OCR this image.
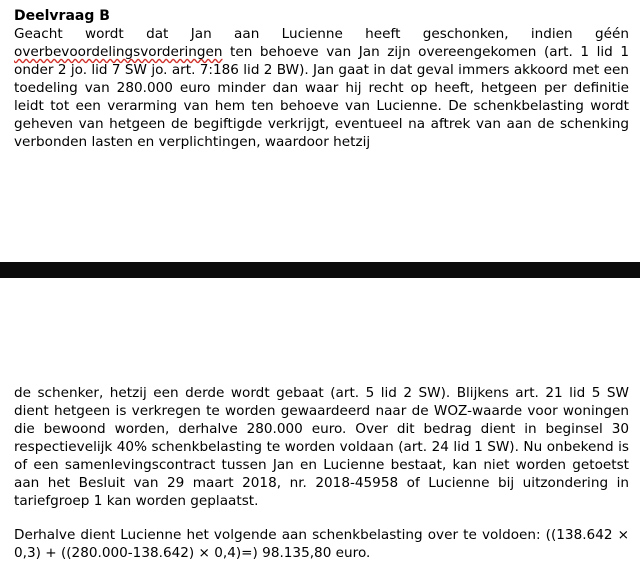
Deelvraag B

Geacht wordt dat Jan aan Lucienne heeft geschonken, indien géén overbevoordelingsvorderingen ten behoeve van Jan zijn overeengekomen (art. 1 lid 1 onder 2 jo. lid 7 SW jo. art. 7:186 lid 2 BW). Jan gaat in dat geval immers akkoord met een toedeling van 280.000 euro minder dan waar hij recht op heeft, hetgeen per definitie leidt tot een verarming van hem ten behoeve van Lucienne. De schenkbelasting wordt geheven van hetgeen de begiftigde verkrijgt, eventueel na aftrek van aan de schenking verbonden lasten en verplichtingen, waardoor hetzij

de schenker, hetzij een derde wordt gebaat (art. 5 lid 2 SW). Blijkens art. 21 lid 5 SW dient hetgeen is verkregen te worden gewaardeerd naar de WOZ-waarde voor woningen die bewoond worden, derhalve 280.000 euro. Over dit bedrag dient in beginsel 30 respectievelijk 40% schenkbelasting te worden voldaan (art. 24 lid 1 SW). Nu onbekend is of een samenlevingscontract tussen Jan en Lucienne bestaat, kan niet worden getoetst aan het Besluit van 29 maart 2018, nr. 2018-45958 of Lucienne bij uitzondering in tariefgroep 1 kan worden geplaatst.

Derhalve dient Lucienne het volgende aan schenkbelasting over te voldoen: ((138.642 × 0,3) + ((280.000-138.642) × 0,4)=) 98.135,80 euro.
